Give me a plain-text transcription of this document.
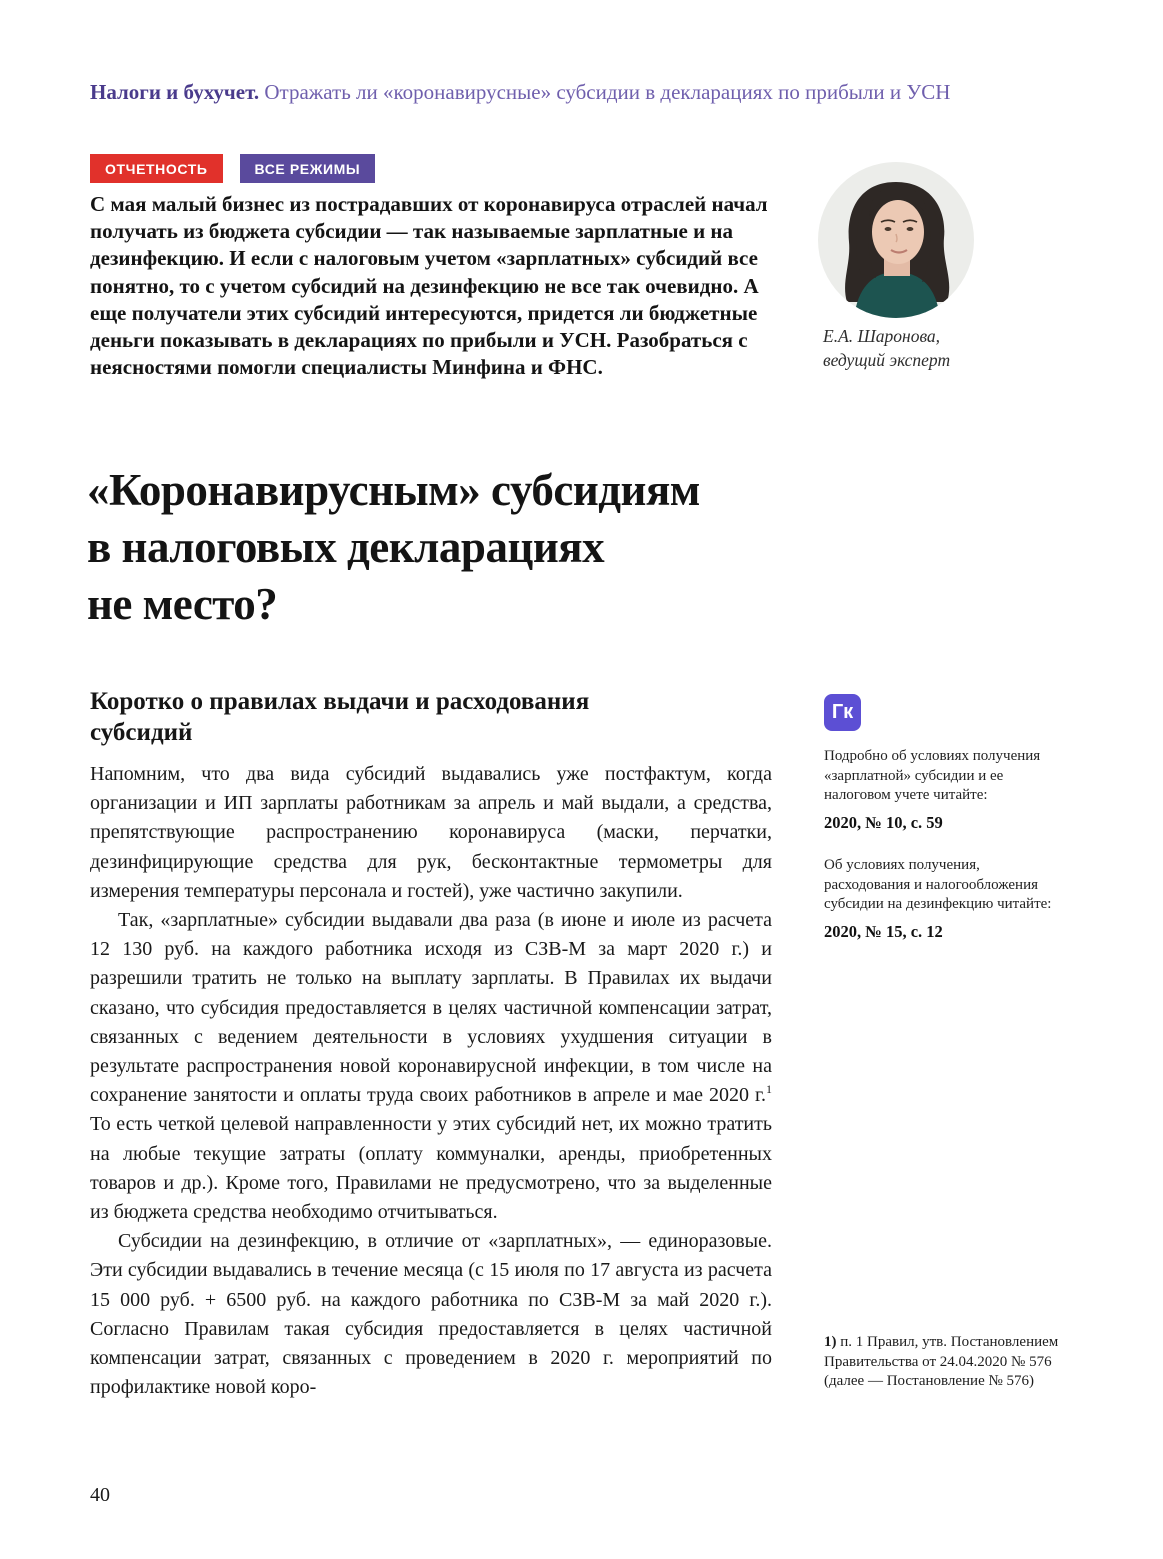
Налоги и бухучет. Отражать ли «коронавирусные» субсидии в декларациях по прибыли и УСН
ОТЧЕТНОСТЬ	ВСЕ РЕЖИМЫ
С мая малый бизнес из пострадавших от коронавируса отраслей начал получать из бюджета субсидии — так называемые зарплатные и на дезинфекцию. И если с налоговым учетом «зарплатных» субсидий все понятно, то с учетом субсидий на дезинфекцию не все так очевидно. А еще получатели этих субсидий интересуются, придется ли бюджетные деньги показывать в декларациях по прибыли и УСН. Разобраться с неясностями помогли специалисты Минфина и ФНС.
Е.А. Шаронова,
ведущий эксперт
«Коронавирусным» субсидиям
в налоговых декларациях
не место?
Коротко о правилах выдачи и расходования
субсидий

Напомним, что два вида субсидий выдавались уже постфактум, когда организации и ИП зарплаты работникам за апрель и май выдали, а средства, препятствующие распространению коронавируса (маски, перчатки, дезинфицирующие средства для рук, бесконтактные термометры для измерения температуры персонала и гостей), уже частично закупили.

Так, «зарплатные» субсидии выдавали два раза (в июне и июле из расчета 12 130 руб. на каждого работника исходя из СЗВ-М за март 2020 г.) и разрешили тратить не только на выплату зарплаты. В Правилах их выдачи сказано, что субсидия предоставляется в целях частичной компенсации затрат, связанных с ведением деятельности в условиях ухудшения ситуации в результате распространения новой коронавирусной инфекции, в том числе на сохранение занятости и оплаты труда своих работников в апреле и мае 2020 г.$^1$ То есть четкой целевой направленности у этих субсидий нет, их можно тратить на любые текущие затраты (оплату коммуналки, аренды, приобретенных товаров и др.). Кроме того, Правилами не предусмотрено, что за выделенные из бюджета средства необходимо отчитываться.

Субсидии на дезинфекцию, в отличие от «зарплатных», — единоразовые. Эти субсидии выдавались в течение месяца (с 15 июля по 17 августа из расчета 15 000 руб. + 6500 руб. на каждого работника по СЗВ-М за май 2020 г.). Согласно Правилам такая субсидия предоставляется в целях частичной компенсации затрат, связанных с проведением в 2020 г. мероприятий по профилактике новой коро-

Гк
Подробно об условиях получения «зарплатной» субсидии и ее налоговом учете читайте:
2020, № 10, с. 59
Об условиях получения, расходования и налогообложения субсидии на дезинфекцию читайте:
2020, № 15, с. 12
1) п. 1 Правил, утв. Постановлением Правительства от 24.04.2020 № 576 (далее — Постановление № 576)
40
